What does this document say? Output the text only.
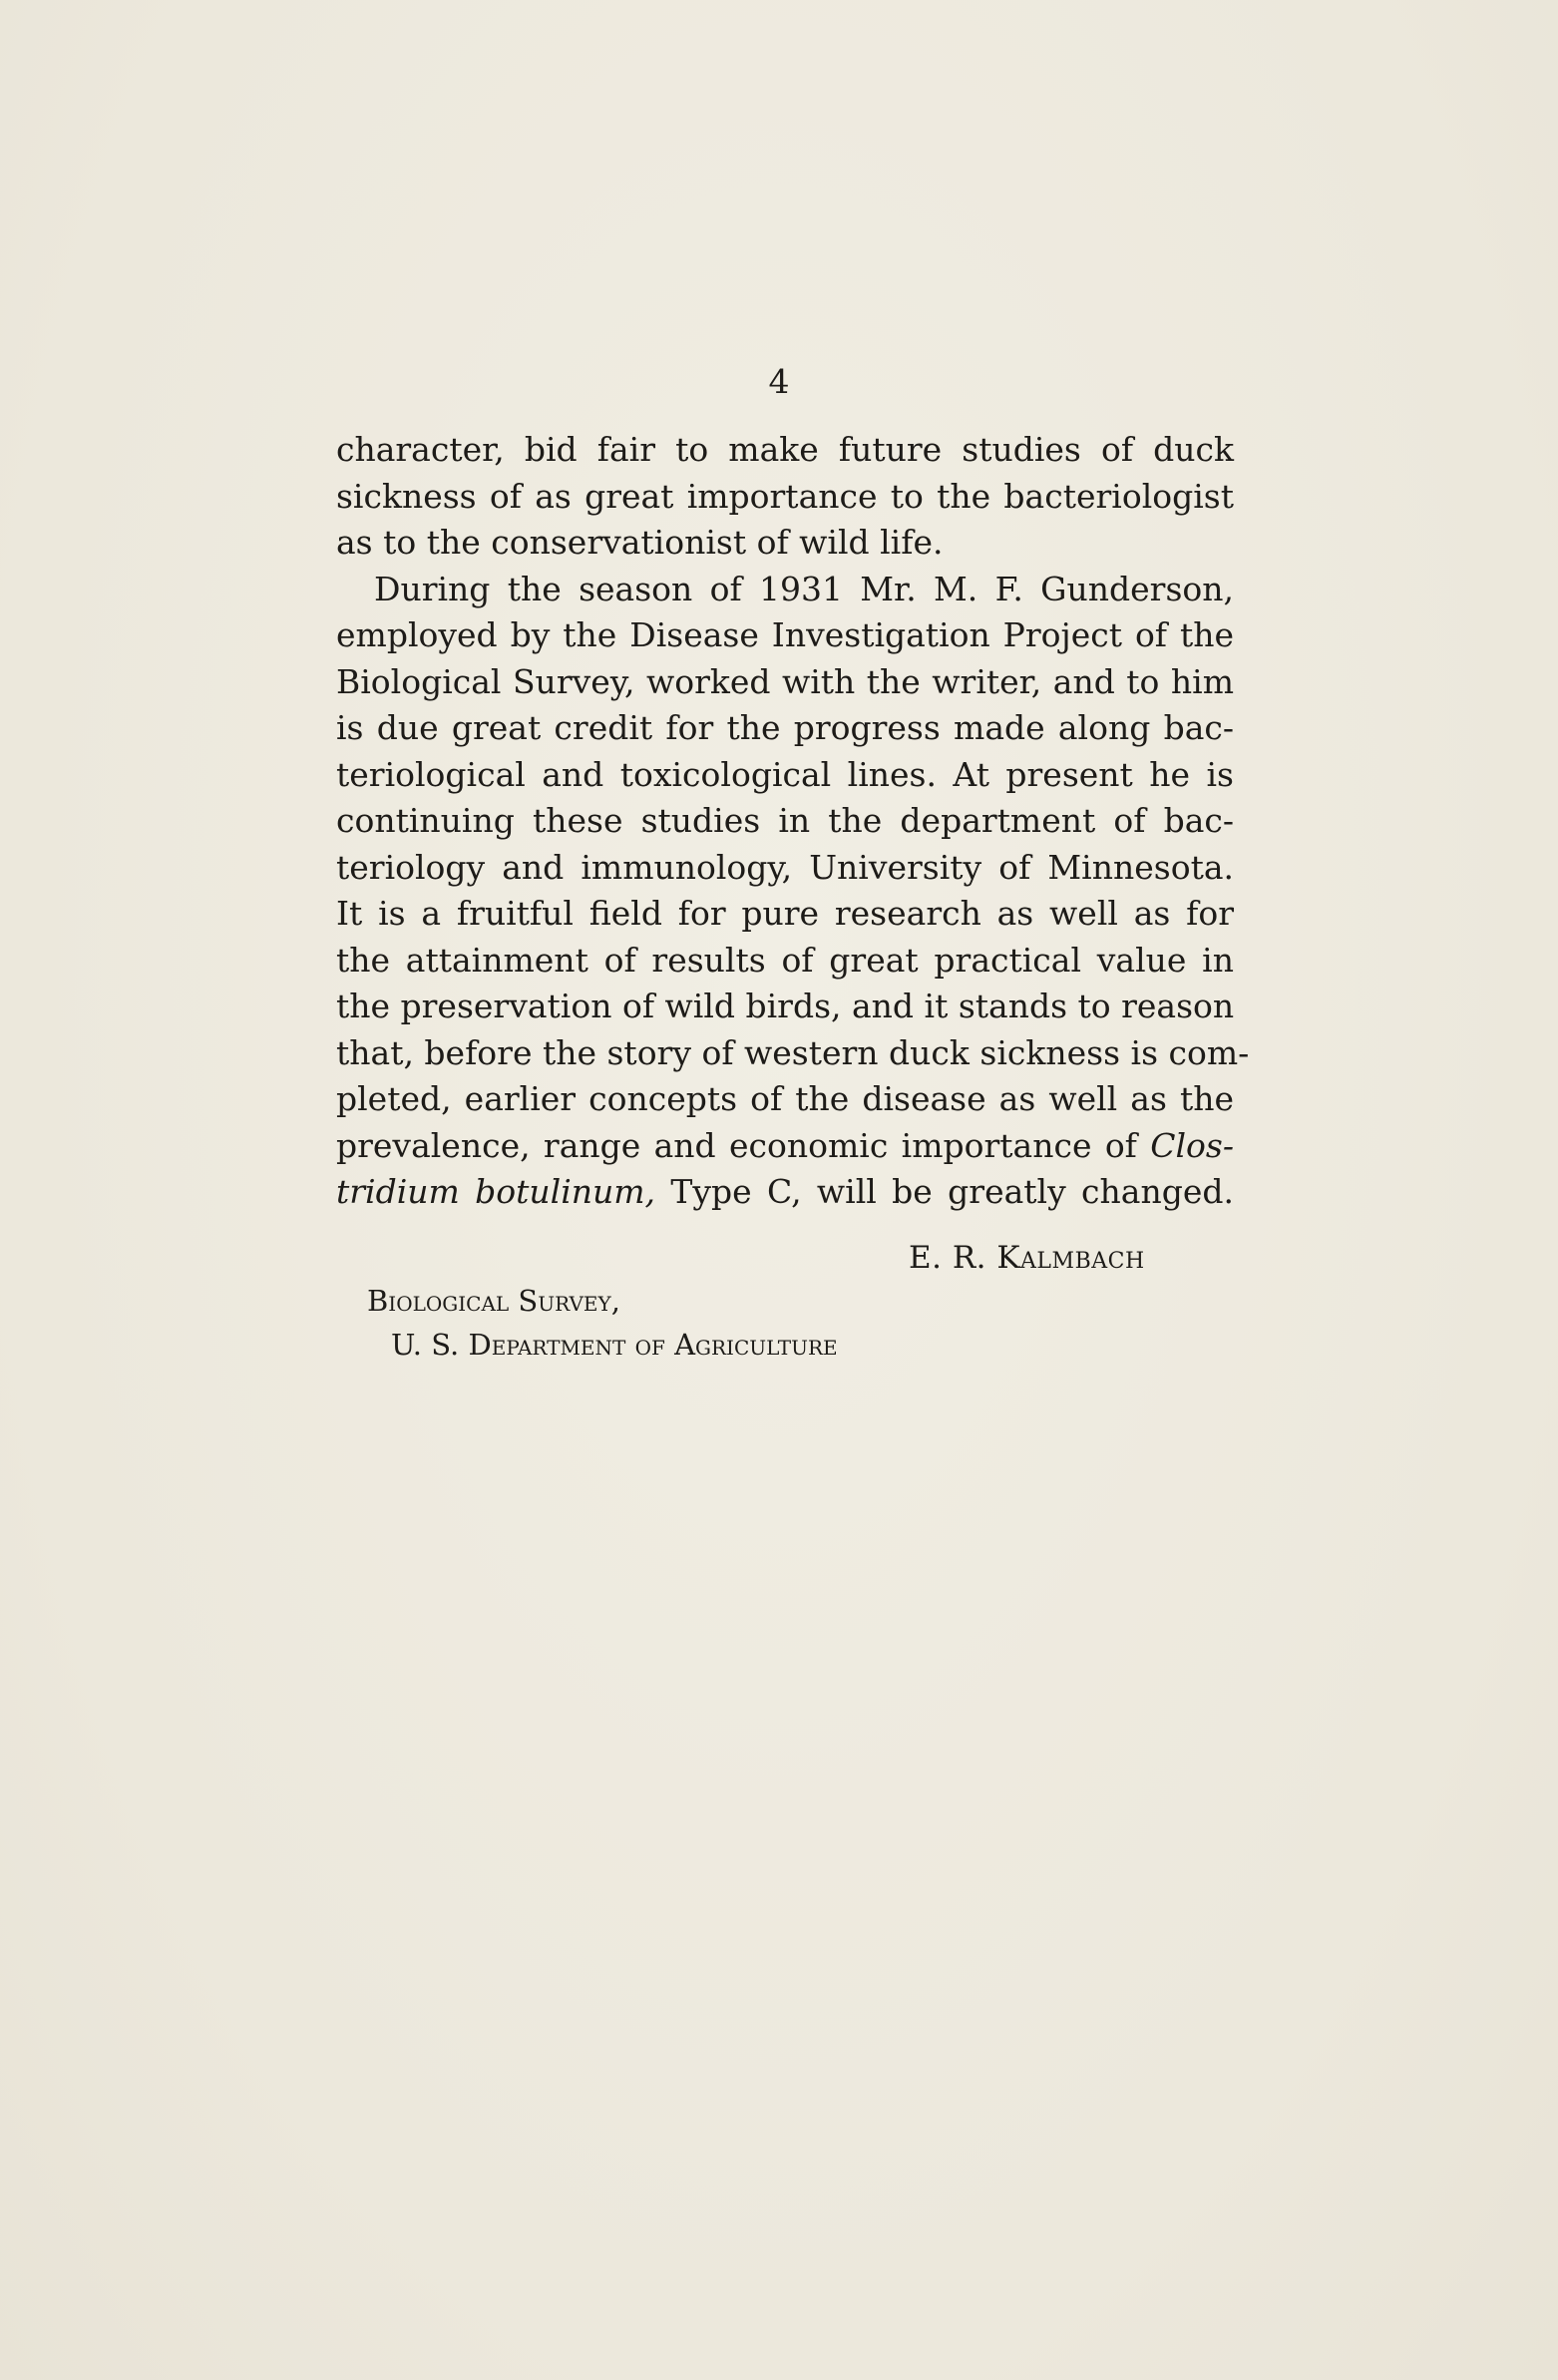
4
character, bid fair to make future studies of duck
sickness of as great importance to the bacteriologist
as to the conservationist of wild life.
During the season of 1931 Mr. M. F. Gunderson,
employed by the Disease Investigation Project of the
Biological Survey, worked with the writer, and to him
is due great credit for the progress made along bac-
teriological and toxicological lines. At present he is
continuing these studies in the department of bac-
teriology and immunology, University of Minnesota.
It is a fruitful field for pure research as well as for
the attainment of results of great practical value in
the preservation of wild birds, and it stands to reason
that, before the story of western duck sickness is com-
pleted, earlier concepts of the disease as well as the
prevalence, range and economic importance of Clos-
tridium botulinum, Type C, will be greatly changed.
E. R. Kalmbach
Biological Survey,
U. S. Department of Agriculture
